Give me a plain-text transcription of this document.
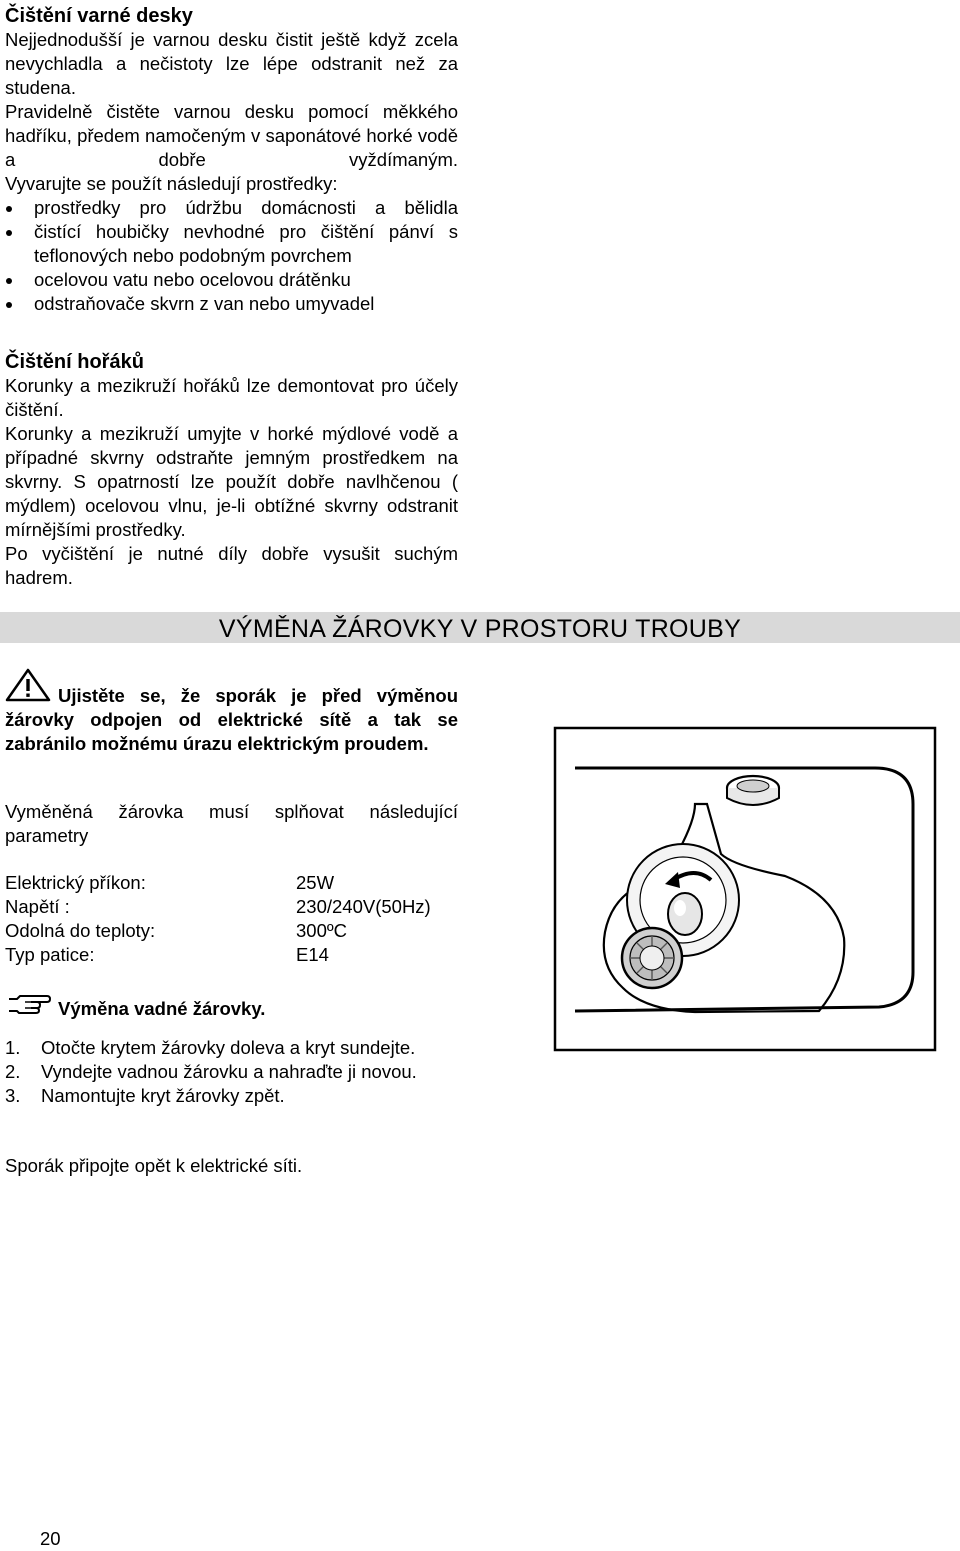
Čištění varné desky

Nejjednodušší je varnou desku čistit ještě když zcela nevychladla a nečistoty lze lépe odstranit než za studena.

Pravidelně čistěte varnou desku pomocí měkkého hadříku, předem namočeným v saponátové horké vodě a dobře vyždímaným.

Vyvarujte se použít následují prostředky:

prostředky pro údržbu domácnosti a bělidla
čistící houbičky nevhodné pro čištění pánví s teflonových nebo podobným povrchem
ocelovou vatu nebo ocelovou drátěnku
odstraňovače skvrn z van nebo umyvadel
Čištění hořáků

Korunky a mezikruží hořáků lze demontovat pro účely čištění.

Korunky a mezikruží umyjte v horké mýdlové vodě a případné skvrny odstraňte jemným prostředkem na skvrny. S opatrností lze použít dobře navlhčenou ( mýdlem) ocelovou vlnu, je-li obtížné skvrny odstranit mírnějšími prostředky.

Po vyčištění je nutné díly dobře vysušit suchým hadrem.

VÝMĚNA ŽÁROVKY V PROSTORU TROUBY

Ujistěte se, že sporák je před výměnou žárovky odpojen od elektrické sítě a tak se zabránilo možnému úrazu elektrickým proudem.

Vyměněná žárovka musí splňovat následující parametry

Elektrický příkon:	25W
Napětí :	230/240V(50Hz)
Odolná do teploty:	300ºC
Typ patice:	E14
Výměna vadné žárovky.
1. Otočte krytem žárovky doleva a kryt sundejte.
2. Vyndejte vadnou žárovku a nahraďte ji novou.
3. Namontujte kryt žárovky zpět.

Sporák připojte opět k elektrické síti.

20
